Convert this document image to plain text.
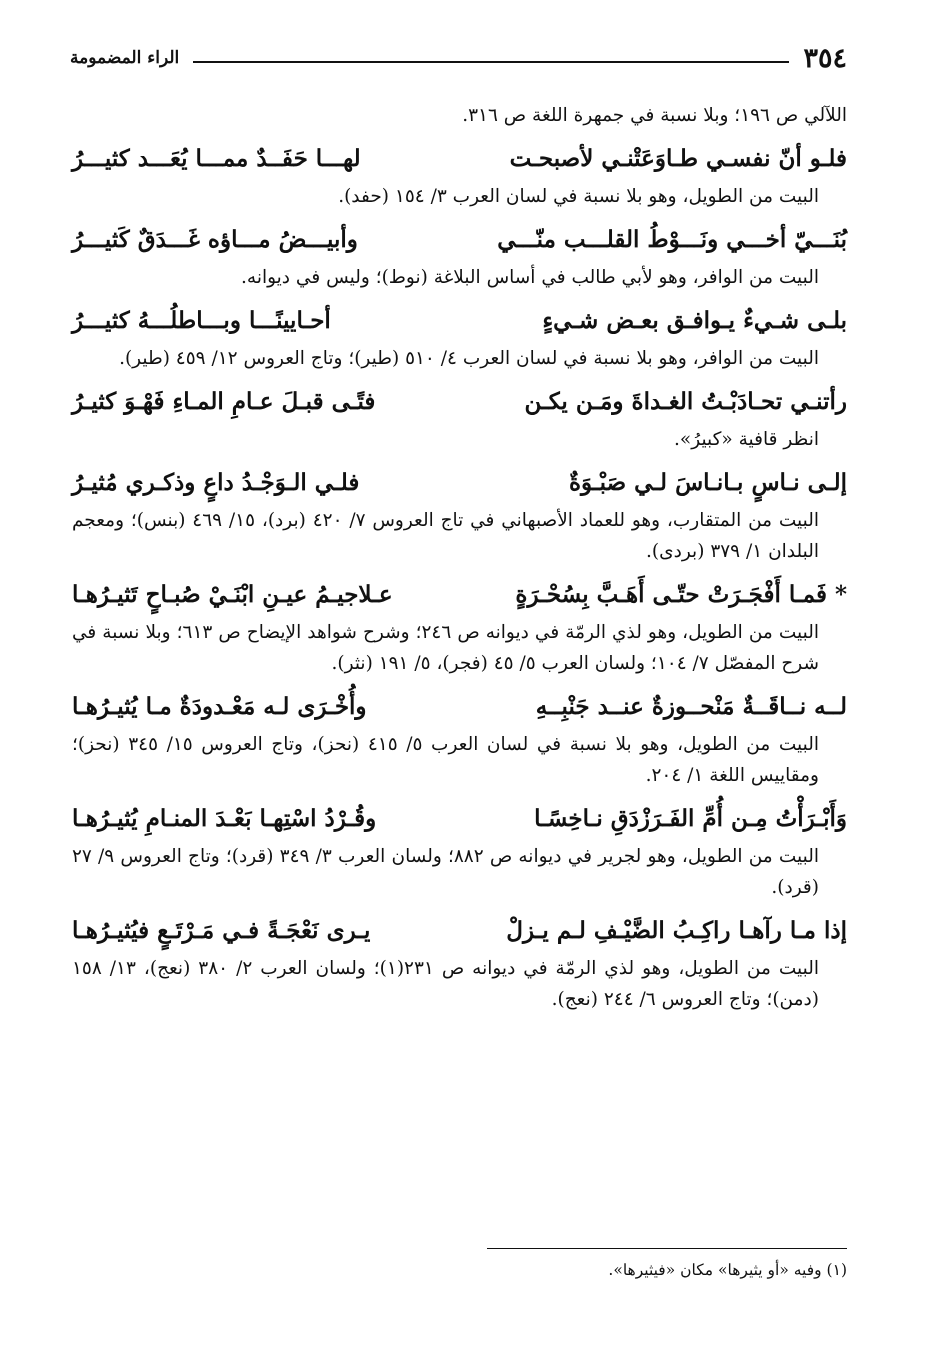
٣٥٤
الراء المضمومة

اللآلي ص ١٩٦؛ وبلا نسبة في جمهرة اللغة ص ٣١٦.

فلـو أنّ نفسـي طـاوَعَتْنـي لأصبحـت
لهـــا حَفَــدٌ ممـــا يُعَـــد كثيـــرُ

البيت من الطويل، وهو بلا نسبة في لسان العرب ٣/ ١٥٤ (حفد).

بُنَـــيّ أخـــي ونَـــوْطُ القلـــب منّـــي
وأبيـــضُ مـــاؤه غَـــدَقٌ كَثيـــرُ

البيت من الوافر، وهو لأبي طالب في أساس البلاغة (نوط)؛ وليس في ديوانه.

بلـى شـيءٌ يـوافـق بعـض شـيءٍ
أحـايينًـــا وبـــاطلُـــهُ كثيـــرُ

البيت من الوافر، وهو بلا نسبة في لسان العرب ٤/ ٥١٠ (طير)؛ وتاج العروس ١٢/ ٤٥٩ (طير).

رأتنـي تحـادَبْـتُ الغـداةَ ومَـن يكـن
فتًـى قبـلَ عـامِ المـاءِ فَهْـوَ كثيـرُ

انظر قافية «كبيرُ».

إلـى نـاسٍ بـانـاسَ لـي صَبْـوَةٌ
فلـي الـوَجْـدُ داعٍ وذكـري مُثيـرُ

البيت من المتقارب، وهو للعماد الأصبهاني في تاج العروس ٧/ ٤٢٠ (برد)، ١٥/ ٤٦٩ (بنس)؛ ومعجم البلدان ١/ ٣٧٩ (بردى).

* فَمـا أَفْجَـرَتْ حتّـى أَهَـبَّ بِسُحْـرَةٍ
عـلاجيـمُ عيـنِ ابْنَـيْ صُبـاحٍ تَثيـرُهـا

البيت من الطويل، وهو لذي الرمّة في ديوانه ص ٢٤٦؛ وشرح شواهد الإيضاح ص ٦١٣؛ وبلا نسبة في شرح المفصّل ٧/ ١٠٤؛ ولسان العرب ٥/ ٤٥ (فجر)، ٥/ ١٩١ (نثر).

لــه نــاقَــةٌ مَنْحــوزةٌ عنــد جَنْبِــهِ
وأُخْـرَى لـه مَعْـدودَةٌ مـا يُثيـرُهـا

البيت من الطويل، وهو بلا نسبة في لسان العرب ٥/ ٤١٥ (نحز)، وتاج العروس ١٥/ ٣٤٥ (نحز)؛ ومقاييس اللغة ١/ ٢٠٤.

وَأَبْـرَأْتُ مِـن أُمِّ الفَـرَزْدَقِ نـاخِسًـا
وقُـرْدُ اسْتِهـا بَعْـدَ المنـامِ يُثيـرُهـا

البيت من الطويل، وهو لجرير في ديوانه ص ٨٨٢؛ ولسان العرب ٣/ ٣٤٩ (قرد)؛ وتاج العروس ٩/ ٢٧ (قرد).

إذا مـا رآهـا راكِـبُ الضَّيْـفِ لـم يـزلْ
يـرى نَعْجَـةً فـي مَـرْتَـعٍ فيُثيـرُهـا

البيت من الطويل، وهو لذي الرمّة في ديوانه ص ٢٣١(١)؛ ولسان العرب ٢/ ٣٨٠ (نعج)، ١٣/ ١٥٨ (دمن)؛ وتاج العروس ٦/ ٢٤٤ (نعج).

(١) وفيه «أو يثيرها» مكان «فيثيرها».
